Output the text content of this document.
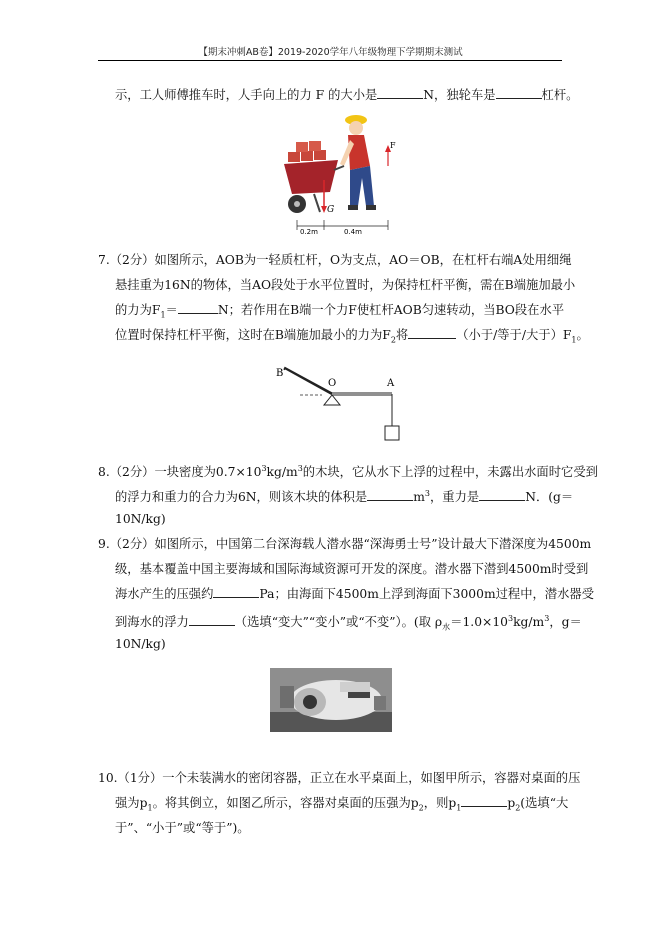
【期末冲刺AB卷】2019-2020学年八年级物理下学期期末测试
示，工人师傅推车时，人手向上的力 F 的大小是	N，独轮车是	杠杆。
G
F
0.2m	0.4m
7.（2分）如图所示，AOB为一轻质杠杆，O为支点，AO＝OB，在杠杆右端A处用细绳
悬挂重为16N的物体，当AO段处于水平位置时，为保持杠杆平衡，需在B端施加最小
的力为$F_1=$	N；若作用在B端一个力F使杠杆AOB匀速转动，当BO段在水平
位置时保持杠杆平衡，这时在B端施加最小的力为$F_2$将	（小于/等于/大于）$F_1$。
B
O	A
8.（2分）一块密度为$0.7\times 10^3kg/m^3$的木块，它从水下上浮的过程中，未露出水面时它受到
的浮力和重力的合力为6N，则该木块的体积是	$m^3$，重力是	N．(g＝
10N/kg)
9.（2分）如图所示，中国第二台深海载人潜水器“深海勇士号”设计最大下潜深度为4500m
级，基本覆盖中国主要海域和国际海域资源可开发的深度。潜水器下潜到4500m时受到
海水产生的压强约	Pa；由海面下4500m上浮到海面下3000m过程中，潜水器受
到海水的浮力	（选填“变大”“变小”或“不变”）。(取 $\rho_水=1.0\times 10^3kg/m^3$，g＝
10N/kg)
10.（1分）一个未装满水的密闭容器，正立在水平桌面上，如图甲所示，容器对桌面的压
强为$p_1$。将其倒立，如图乙所示，容器对桌面的压强为$p_2$，则$p_1$	$p_2$(选填“大
于”、“小于”或“等于”)。
